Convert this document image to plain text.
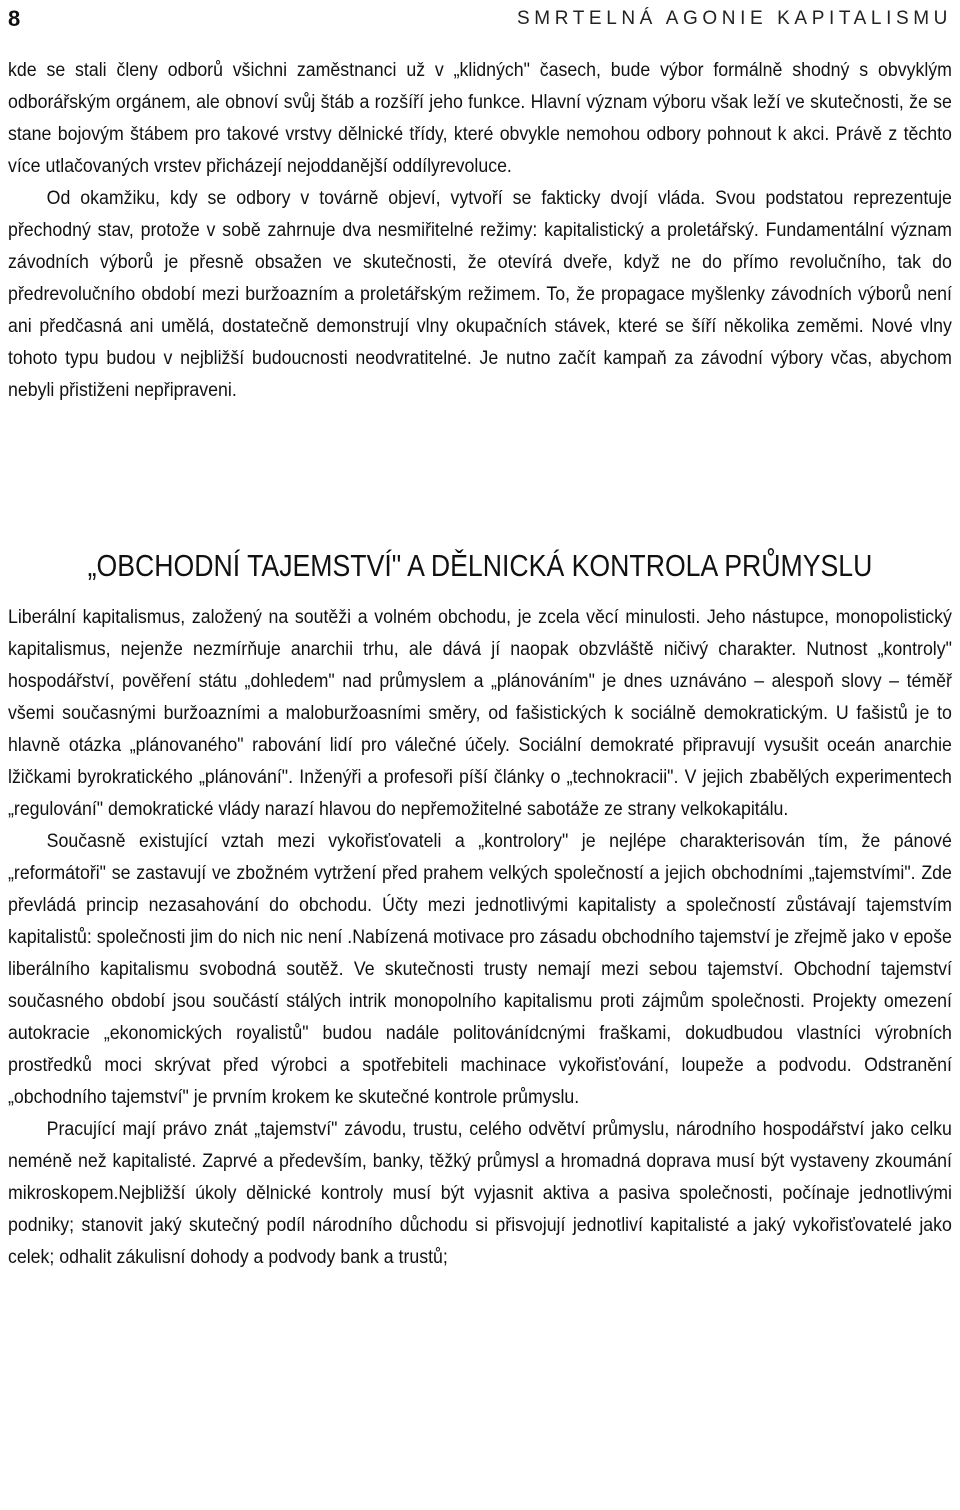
8	SMRTELNÁ AGONIE KAPITALISMU

kde se stali členy odborů všichni zaměstnanci už v „klidných" časech, bude výbor formálně shodný s obvyklým odborářským orgánem, ale obnoví svůj štáb a rozšíří jeho funkce. Hlavní význam výboru však leží ve skutečnosti, že se stane bojovým štábem pro takové vrstvy dělnické třídy, které obvykle nemohou odbory pohnout k akci. Právě z těchto více utlačovaných vrstev přicházejí nejoddanější oddílyrevoluce.

Od okamžiku, kdy se odbory v továrně objeví, vytvoří se fakticky dvojí vláda. Svou podstatou reprezentuje přechodný stav, protože v sobě zahrnuje dva nesmiřitelné režimy: kapitalistický a proletářský. Fundamentální význam závodních výborů je přesně obsažen ve skutečnosti, že otevírá dveře, když ne do přímo revolučního, tak do předrevolučního období mezi buržoazním a proletářským režimem. To, že propagace myšlenky závodních výborů není ani předčasná ani umělá, dostatečně demonstrují vlny okupačních stávek, které se šíří několika zeměmi. Nové vlny tohoto typu budou v nejbližší budoucnosti neodvratitelné. Je nutno začít kampaň za závodní výbory včas, abychom nebyli přistiženi nepřipraveni.

„OBCHODNÍ TAJEMSTVÍ" A DĚLNICKÁ KONTROLA PRŮMYSLU

Liberální kapitalismus, založený na soutěži a volném obchodu, je zcela věcí minulosti. Jeho nástupce, monopolistický kapitalismus, nejenže nezmírňuje anarchii trhu, ale dává jí naopak obzvláště ničivý charakter. Nutnost „kontroly" hospodářství, pověření státu „dohledem" nad průmyslem a „plánováním" je dnes uznáváno – alespoň slovy – téměř všemi současnými buržoazními a maloburžoasními směry, od fašistických k sociálně demokratickým. U fašistů je to hlavně otázka „plánovaného" rabování lidí pro válečné účely. Sociální demokraté připravují vysušit oceán anarchie lžičkami byrokratického „plánování". Inženýři a profesoři píší články o „technokracii". V jejich zbabělých experimentech „regulování" demokratické vlády narazí hlavou do nepřemožitelné sabotáže ze strany velkokapitálu.

Současně existující vztah mezi vykořisťovateli a „kontrolory" je nejlépe charakterisován tím, že pánové „reformátoři" se zastavují ve zbožném vytržení před prahem velkých společností a jejich obchodními „tajemstvími". Zde převládá princip nezasahování do obchodu. Účty mezi jednotlivými kapitalisty a společností zůstávají tajemstvím kapitalistů: společnosti jim do nich nic není .Nabízená motivace pro zásadu obchodního tajemství je zřejmě jako v epoše liberálního kapitalismu svobodná soutěž. Ve skutečnosti trusty nemají mezi sebou tajemství. Obchodní tajemství současného období jsou součástí stálých intrik monopolního kapitalismu proti zájmům společnosti. Projekty omezení autokracie „ekonomických royalistů" budou nadále politovánídcnými fraškami, dokudbudou vlastníci výrobních prostředků moci skrývat před výrobci a spotřebiteli machinace vykořisťování, loupeže a podvodu. Odstranění „obchodního tajemství" je prvním krokem ke skutečné kontrole průmyslu.

Pracující mají právo znát „tajemství" závodu, trustu, celého odvětví průmyslu, národního hospodářství jako celku neméně než kapitalisté. Zaprvé a především, banky, těžký průmysl a hromadná doprava musí být vystaveny zkoumání mikroskopem.Nejbližší úkoly dělnické kontroly musí být vyjasnit aktiva a pasiva společnosti, počínaje jednotlivými podniky; stanovit jaký skutečný podíl národního důchodu si přisvojují jednotliví kapitalisté a jaký vykořisťovatelé jako celek; odhalit zákulisní dohody a podvody bank a trustů;
